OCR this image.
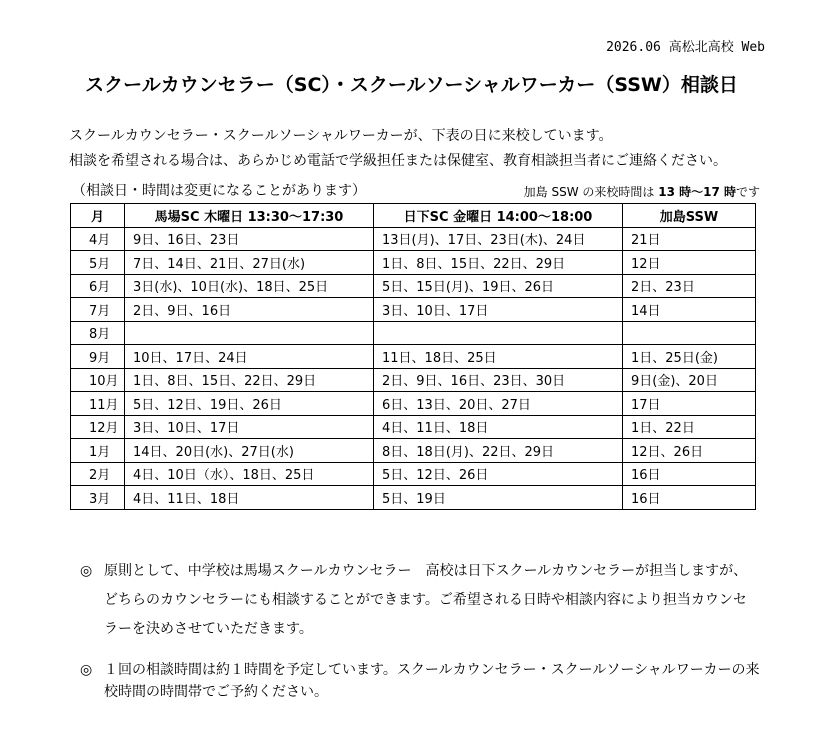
2026.06 高松北高校 Web
スクールカウンセラー（SC）・スクールソーシャルワーカー（SSW）相談日
スクールカウンセラー・スクールソーシャルワーカーが、下表の日に来校しています。
相談を希望される場合は、あらかじめ電話で学級担任または保健室、教育相談担当者にご連絡ください。
（相談日・時間は変更になることがあります）	加島 SSW の来校時間は 13 時～17 時です
月	馬場SC 木曜日 13:30～17:30	日下SC 金曜日 14:00～18:00	加島SSW
4月	9日、16日、23日	13日(月)、17日、23日(木)、24日	21日
5月	7日、14日、21日、27日(水)	1日、8日、15日、22日、29日	12日
6月	3日(水)、10日(水)、18日、25日	5日、15日(月)、19日、26日	2日、23日
7月	2日、9日、16日	3日、10日、17日	14日
8月			
9月	10日、17日、24日	11日、18日、25日	1日、25日(金)
10月	1日、8日、15日、22日、29日	2日、9日、16日、23日、30日	9日(金)、20日
11月	5日、12日、19日、26日	6日、13日、20日、27日	17日
12月	3日、10日、17日	4日、11日、18日	1日、22日
1月	14日、20日(水)、27日(水)	8日、18日(月)、22日、29日	12日、26日
2月	4日、10日（水）、18日、25日	5日、12日、26日	16日
3月	4日、11日、18日	5日、19日	16日
◎ 原則として、中学校は馬場スクールカウンセラー　高校は日下スクールカウンセラーが担当しますが、どちらのカウンセラーにも相談することができます。ご希望される日時や相談内容により担当カウンセラーを決めさせていただきます。
◎ １回の相談時間は約１時間を予定しています。スクールカウンセラー・スクールソーシャルワーカーの来校時間の時間帯でご予約ください。
